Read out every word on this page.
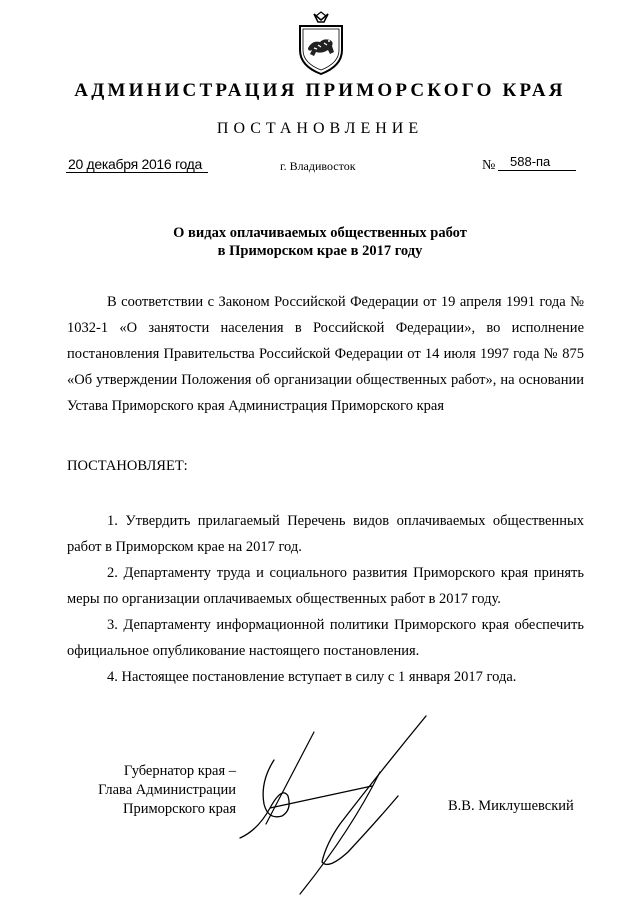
АДМИНИСТРАЦИЯ ПРИМОРСКОГО КРАЯ
ПОСТАНОВЛЕНИЕ
20 декабря 2016 года	г. Владивосток	№	588-па
О видах оплачиваемых общественных работ
в Приморском крае в 2017 году
В соответствии с Законом Российской Федерации от 19 апреля 1991 года № 1032-1 «О занятости населения в Российской Федерации», во исполнение постановления Правительства Российской Федерации от 14 июля 1997 года № 875 «Об утверждении Положения об организации общественных работ», на основании Устава Приморского края Администрация Приморского края
ПОСТАНОВЛЯЕТ:

1. Утвердить прилагаемый Перечень видов оплачиваемых общественных работ в Приморском крае на 2017 год.

2. Департаменту труда и социального развития Приморского края принять меры по организации оплачиваемых общественных работ в 2017 году.

3. Департаменту информационной политики Приморского края обеспечить официальное опубликование настоящего постановления.

4. Настоящее постановление вступает в силу с 1 января 2017 года.

Губернатор края –
Глава Администрации
Приморского края	В.В. Миклушевский
